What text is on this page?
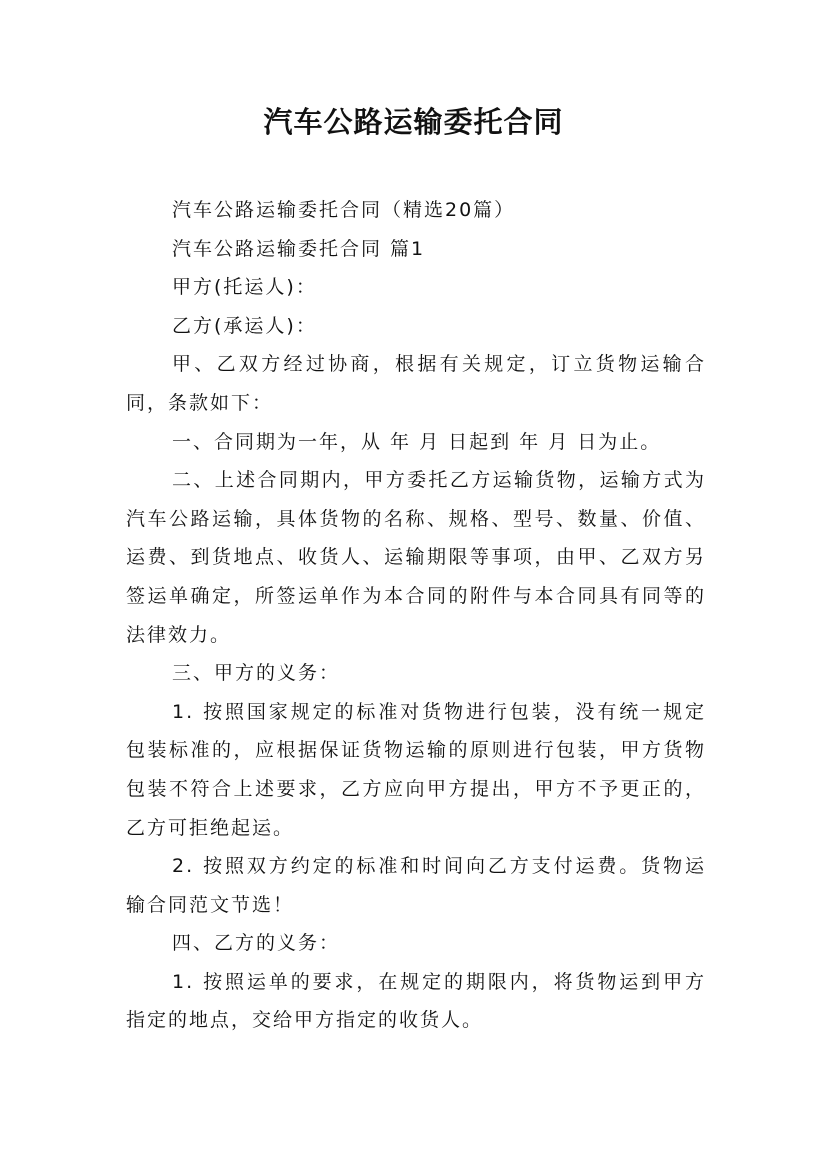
汽车公路运输委托合同

汽车公路运输委托合同（精选20篇）

汽车公路运输委托合同 篇1

甲方(托运人)：

乙方(承运人)：

甲、乙双方经过协商，根据有关规定，订立货物运输合同，条款如下：

一、合同期为一年，从 年 月 日起到 年 月 日为止。

二、上述合同期内，甲方委托乙方运输货物，运输方式为汽车公路运输，具体货物的名称、规格、型号、数量、价值、运费、到货地点、收货人、运输期限等事项，由甲、乙双方另签运单确定，所签运单作为本合同的附件与本合同具有同等的法律效力。

三、甲方的义务：

1. 按照国家规定的标准对货物进行包装，没有统一规定包装标准的，应根据保证货物运输的原则进行包装，甲方货物包装不符合上述要求，乙方应向甲方提出，甲方不予更正的，乙方可拒绝起运。

2. 按照双方约定的标准和时间向乙方支付运费。货物运输合同范文节选！

四、乙方的义务：

1. 按照运单的要求，在规定的期限内，将货物运到甲方指定的地点，交给甲方指定的收货人。
